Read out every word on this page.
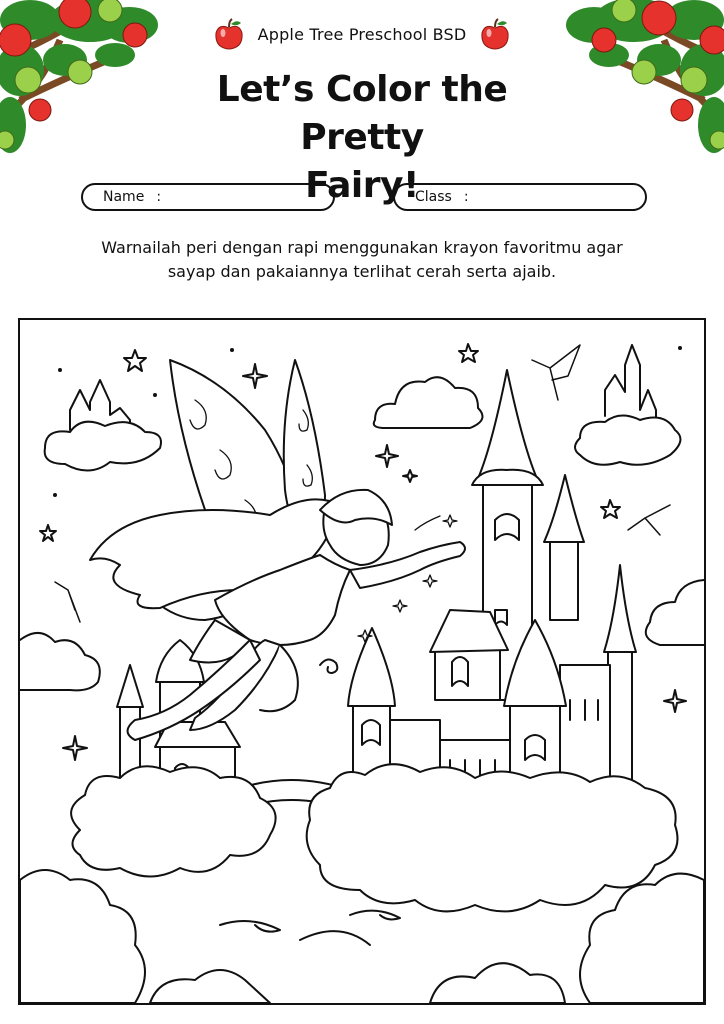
Apple Tree Preschool BSD
Let’s Color the Pretty
Fairy!
Name :	Class :
Warnailah peri dengan rapi menggunakan krayon favoritmu agar
sayap dan pakaiannya terlihat cerah serta ajaib.
